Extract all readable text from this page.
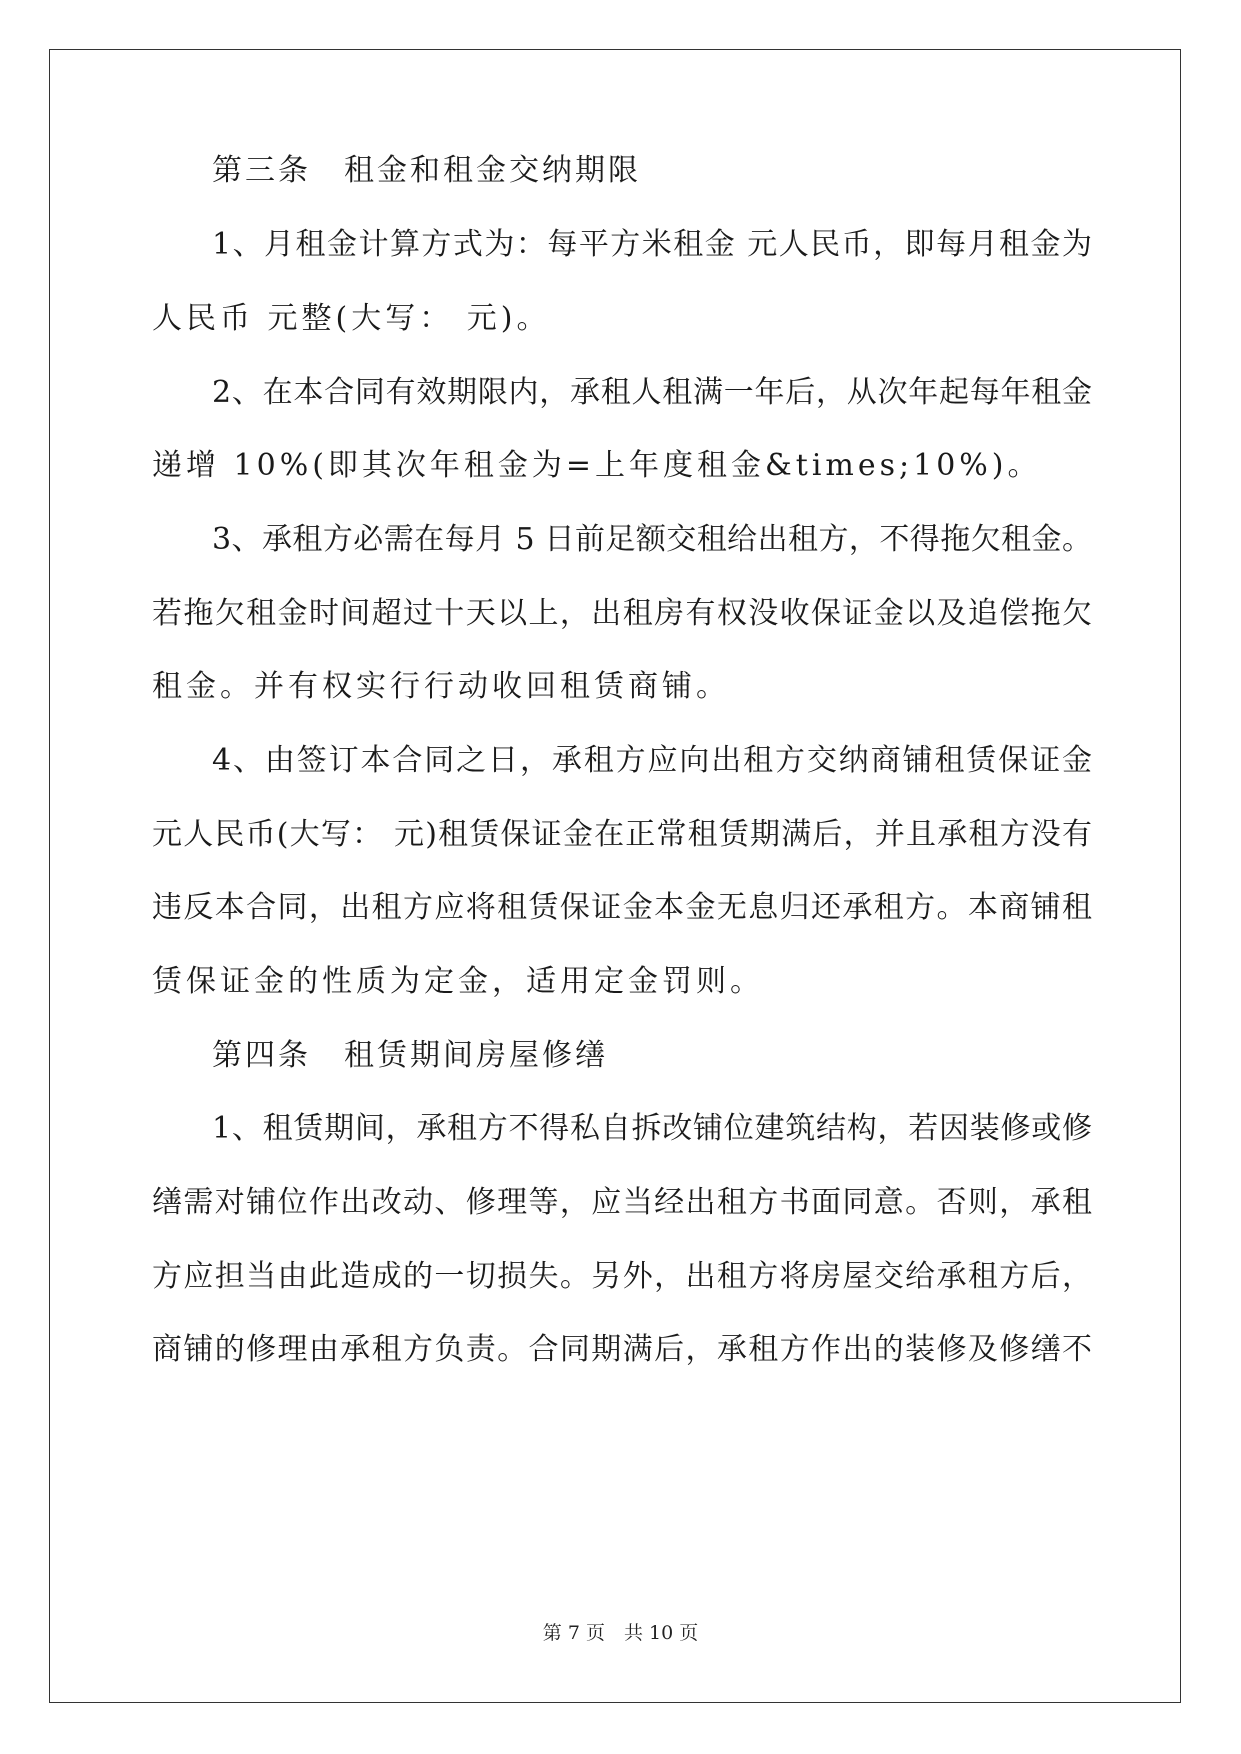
第三条　租金和租金交纳期限
1、月租金计算方式为：每平方米租金 元人民币，即每月租金为
人民币 元整(大写： 元)。
2、在本合同有效期限内，承租人租满一年后，从次年起每年租金
递增 10%(即其次年租金为=上年度租金&times;10%)。
3、承租方必需在每月 5 日前足额交租给出租方，不得拖欠租金。
若拖欠租金时间超过十天以上，出租房有权没收保证金以及追偿拖欠
租金。并有权实行行动收回租赁商铺。
4、由签订本合同之日，承租方应向出租方交纳商铺租赁保证金
元人民币(大写： 元)租赁保证金在正常租赁期满后，并且承租方没有
违反本合同，出租方应将租赁保证金本金无息归还承租方。本商铺租
赁保证金的性质为定金，适用定金罚则。
第四条　租赁期间房屋修缮
1、租赁期间，承租方不得私自拆改铺位建筑结构，若因装修或修
缮需对铺位作出改动、修理等，应当经出租方书面同意。否则，承租
方应担当由此造成的一切损失。另外，出租方将房屋交给承租方后，
商铺的修理由承租方负责。合同期满后，承租方作出的装修及修缮不
第 7 页　共 10 页
